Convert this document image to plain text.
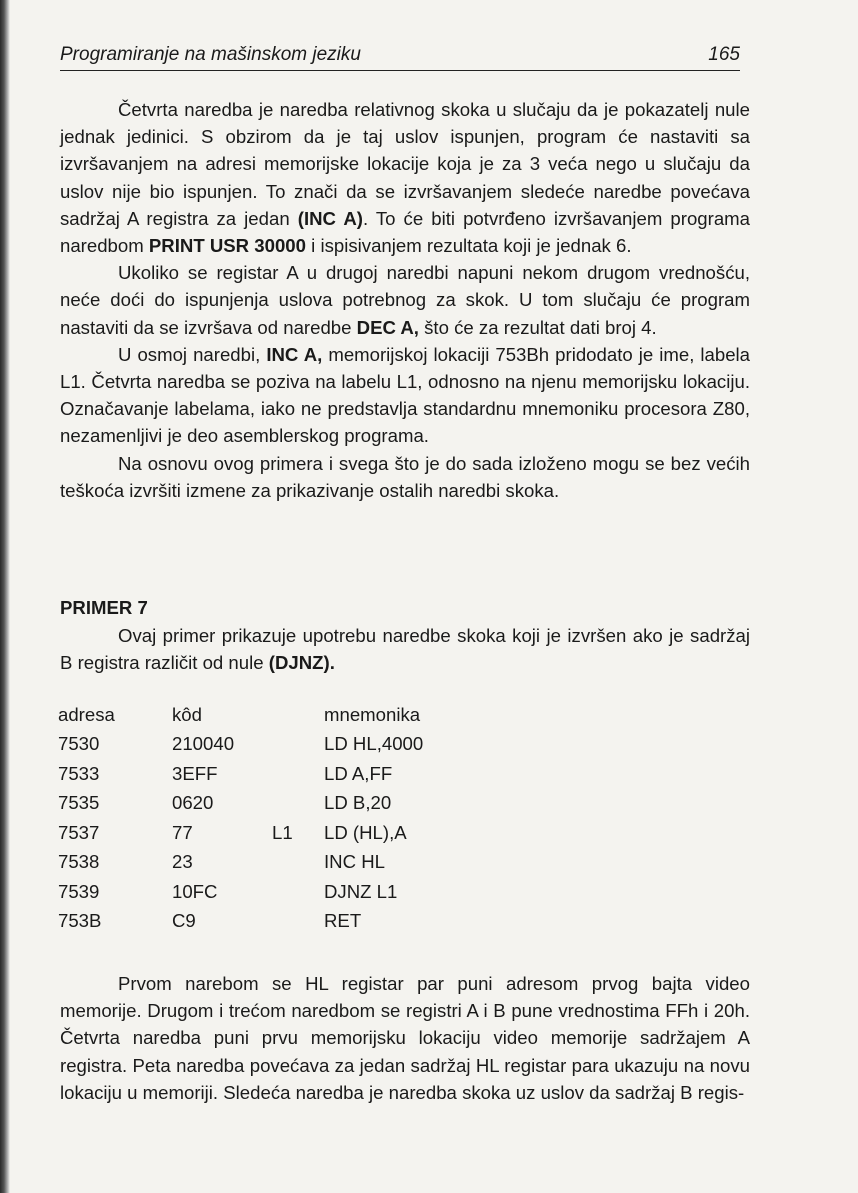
Programiranje na mašinskom jeziku	165

Četvrta naredba je naredba relativnog skoka u slučaju da je pokazatelj nule jednak jedinici. S obzirom da je taj uslov ispunjen, program će nastaviti sa izvršavanjem na adresi memorijske lokacije koja je za 3 veća nego u slučaju da uslov nije bio ispunjen. To znači da se izvršavanjem sledeće naredbe povećava sadržaj A registra za jedan (INC A). To će biti potvrđeno izvršavanjem programa naredbom PRINT USR 30000 i ispisivanjem rezultata koji je jednak 6.

Ukoliko se registar A u drugoj naredbi napuni nekom drugom vrednošću, neće doći do ispunjenja uslova potrebnog za skok. U tom slučaju će program nastaviti da se izvršava od naredbe DEC A, što će za rezultat dati broj 4.

U osmoj naredbi, INC A, memorijskoj lokaciji 753Bh pridodato je ime, labela L1. Četvrta naredba se poziva na labelu L1, odnosno na njenu memorijsku lokaciju. Označavanje labelama, iako ne predstavlja standardnu mnemoniku procesora Z80, nezamenljivi je deo asemblerskog programa.

Na osnovu ovog primera i svega što je do sada izloženo mogu se bez većih teškoća izvršiti izmene za prikazivanje ostalih naredbi skoka.

PRIMER 7

Ovaj primer prikazuje upotrebu naredbe skoka koji je izvršen ako je sadržaj B registra različit od nule (DJNZ).

adresa	kôd		mnemonika
7530	210040		LD HL,4000
7533	3EFF		LD A,FF
7535	0620		LD B,20
7537	77	L1	LD (HL),A
7538	23		INC HL
7539	10FC		DJNZ L1
753B	C9		RET

Prvom narebom se HL registar par puni adresom prvog bajta video memorije. Drugom i trećom naredbom se registri A i B pune vrednostima FFh i 20h. Četvrta naredba puni prvu memorijsku lokaciju video memorije sadržajem A registra. Peta naredba povećava za jedan sadržaj HL registar para ukazuju na novu lokaciju u memoriji. Sledeća naredba je naredba skoka uz uslov da sadržaj B regis-
